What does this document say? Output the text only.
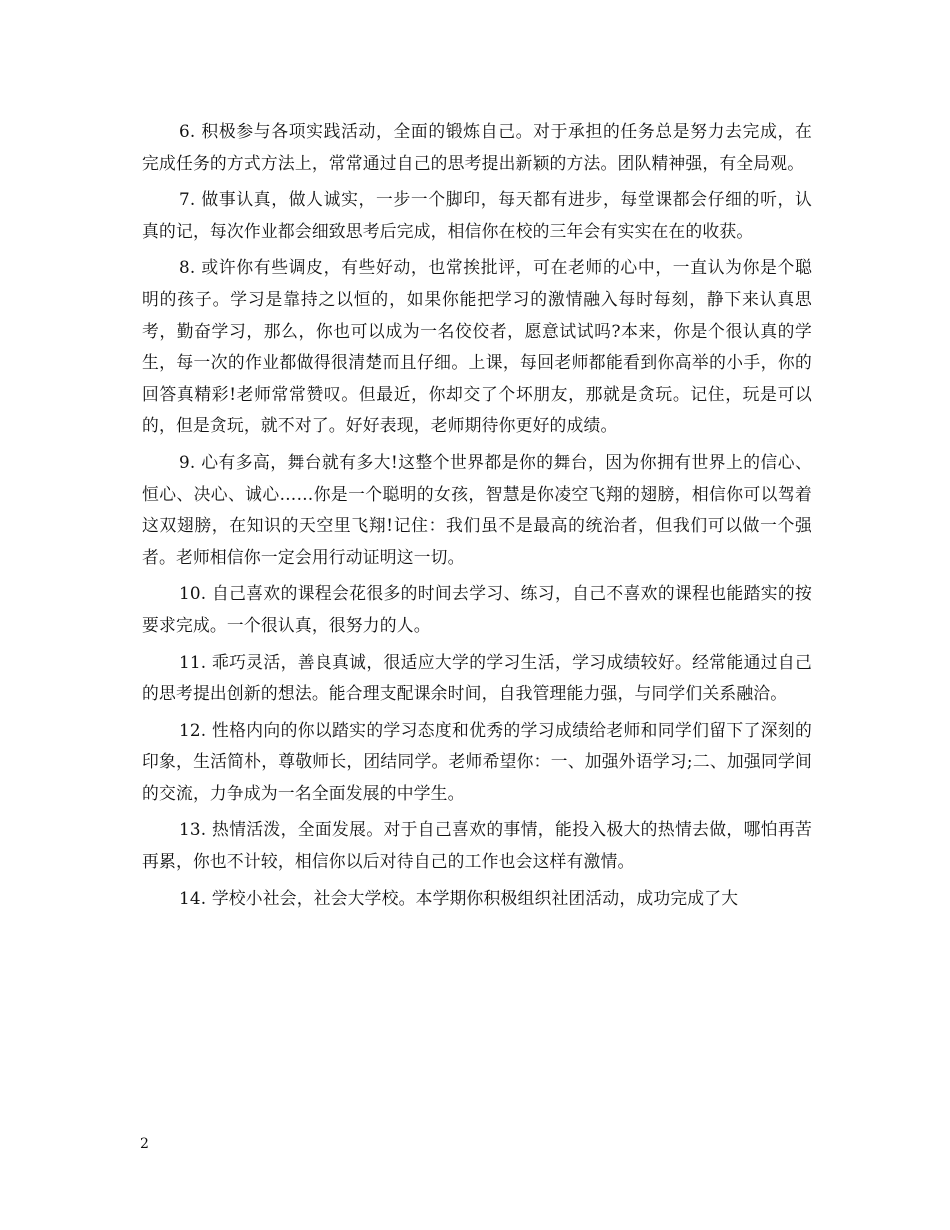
6. 积极参与各项实践活动，全面的锻炼自己。对于承担的任务总是努力去完成，在完成任务的方式方法上，常常通过自己的思考提出新颖的方法。团队精神强，有全局观。

7. 做事认真，做人诚实，一步一个脚印，每天都有进步，每堂课都会仔细的听，认真的记，每次作业都会细致思考后完成，相信你在校的三年会有实实在在的收获。

8. 或许你有些调皮，有些好动，也常挨批评，可在老师的心中，一直认为你是个聪明的孩子。学习是靠持之以恒的，如果你能把学习的激情融入每时每刻，静下来认真思考，勤奋学习，那么，你也可以成为一名佼佼者，愿意试试吗?本来，你是个很认真的学生，每一次的作业都做得很清楚而且仔细。上课，每回老师都能看到你高举的小手，你的回答真精彩!老师常常赞叹。但最近，你却交了个坏朋友，那就是贪玩。记住，玩是可以的，但是贪玩，就不对了。好好表现，老师期待你更好的成绩。

9. 心有多高，舞台就有多大!这整个世界都是你的舞台，因为你拥有世界上的信心、恒心、决心、诚心……你是一个聪明的女孩，智慧是你凌空飞翔的翅膀，相信你可以驾着这双翅膀，在知识的天空里飞翔!记住：我们虽不是最高的统治者，但我们可以做一个强者。老师相信你一定会用行动证明这一切。

10. 自己喜欢的课程会花很多的时间去学习、练习，自己不喜欢的课程也能踏实的按要求完成。一个很认真，很努力的人。

11. 乖巧灵活，善良真诚，很适应大学的学习生活，学习成绩较好。经常能通过自己的思考提出创新的想法。能合理支配课余时间，自我管理能力强，与同学们关系融洽。

12. 性格内向的你以踏实的学习态度和优秀的学习成绩给老师和同学们留下了深刻的印象，生活简朴，尊敬师长，团结同学。老师希望你：一、加强外语学习;二、加强同学间的交流，力争成为一名全面发展的中学生。

13. 热情活泼，全面发展。对于自己喜欢的事情，能投入极大的热情去做，哪怕再苦再累，你也不计较，相信你以后对待自己的工作也会这样有激情。

14. 学校小社会，社会大学校。本学期你积极组织社团活动，成功完成了大

2
